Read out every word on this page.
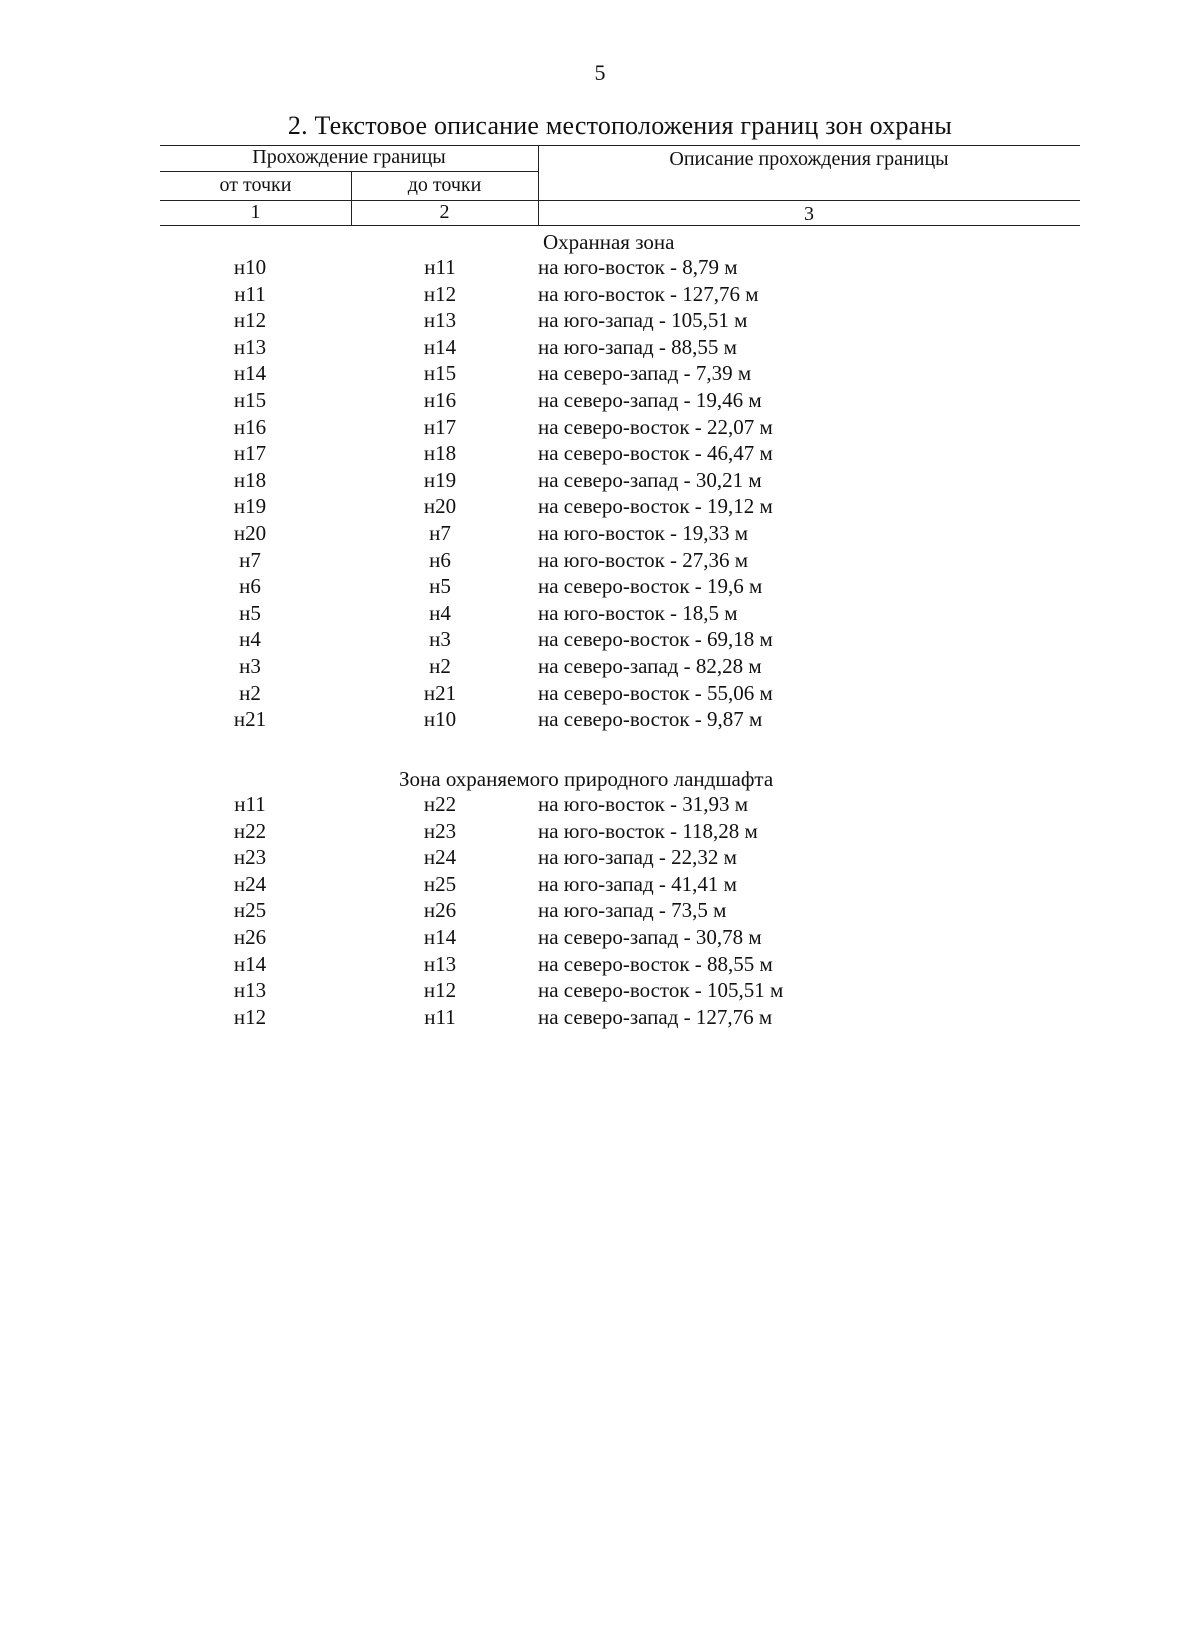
5
2. Текстовое описание местоположения границ зон охраны
Прохождение границы	Описание прохождения границы
от точки	до точки
1	2	3
Охранная зона
н10	н11	на юго-восток - 8,79 м
н11	н12	на юго-восток - 127,76 м
н12	н13	на юго-запад - 105,51 м
н13	н14	на юго-запад - 88,55 м
н14	н15	на северо-запад - 7,39 м
н15	н16	на северо-запад - 19,46 м
н16	н17	на северо-восток - 22,07 м
н17	н18	на северо-восток - 46,47 м
н18	н19	на северо-запад - 30,21 м
н19	н20	на северо-восток - 19,12 м
н20	н7	на юго-восток - 19,33 м
н7	н6	на юго-восток - 27,36 м
н6	н5	на северо-восток - 19,6 м
н5	н4	на юго-восток - 18,5 м
н4	н3	на северо-восток - 69,18 м
н3	н2	на северо-запад - 82,28 м
н2	н21	на северо-восток - 55,06 м
н21	н10	на северо-восток - 9,87 м
Зона охраняемого природного ландшафта
н11	н22	на юго-восток - 31,93 м
н22	н23	на юго-восток - 118,28 м
н23	н24	на юго-запад - 22,32 м
н24	н25	на юго-запад - 41,41 м
н25	н26	на юго-запад - 73,5 м
н26	н14	на северо-запад - 30,78 м
н14	н13	на северо-восток - 88,55 м
н13	н12	на северо-восток - 105,51 м
н12	н11	на северо-запад - 127,76 м
